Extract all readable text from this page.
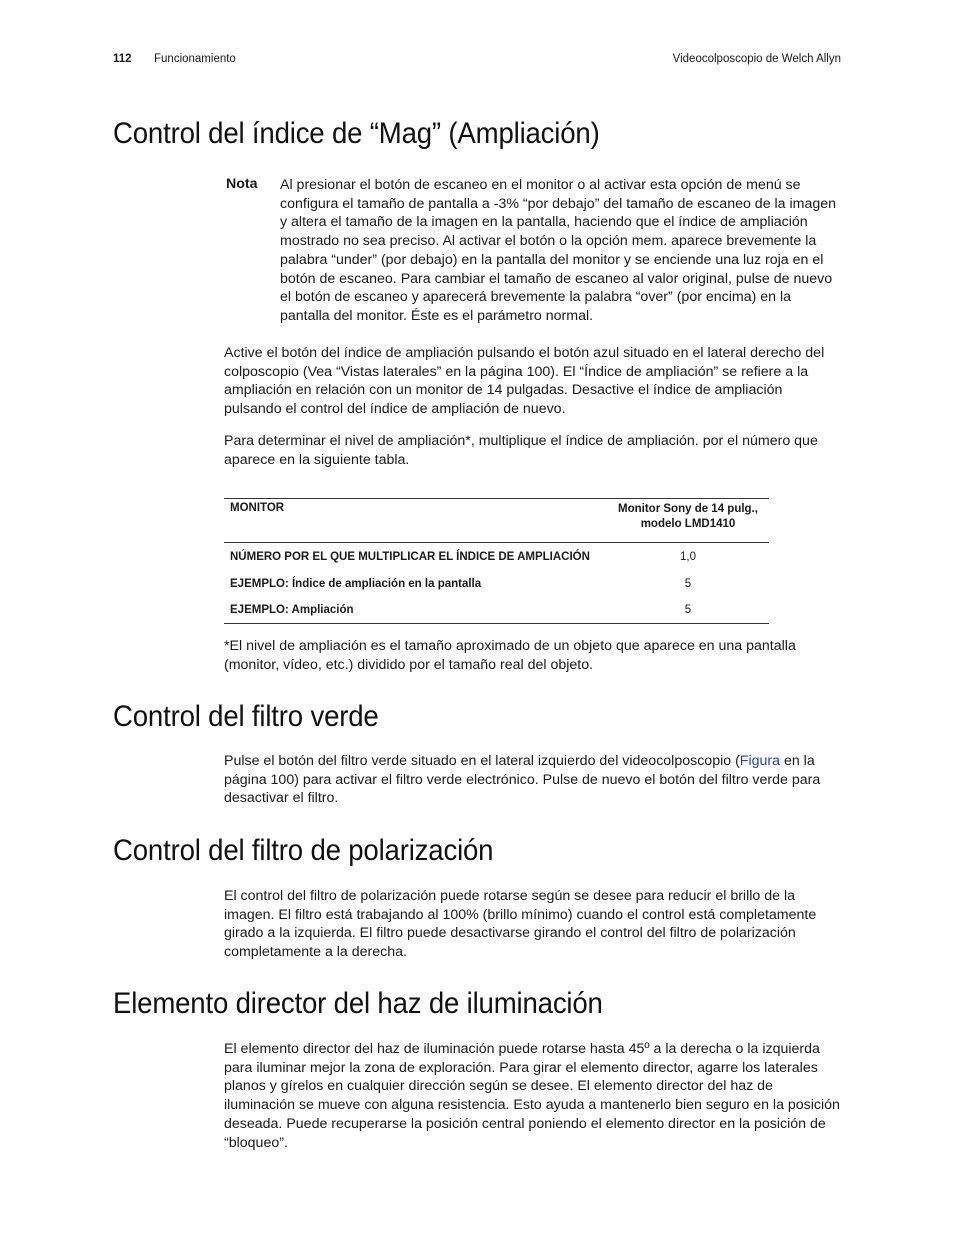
112 Funcionamiento	Videocolposcopio de Welch Allyn
Control del índice de “Mag” (Ampliación)
Nota Al presionar el botón de escaneo en el monitor o al activar esta opción de menú se configura el tamaño de pantalla a -3% “por debajo” del tamaño de escaneo de la imagen y altera el tamaño de la imagen en la pantalla, haciendo que el índice de ampliación mostrado no sea preciso. Al activar el botón o la opción mem. aparece brevemente la palabra “under” (por debajo) en la pantalla del monitor y se enciende una luz roja en el botón de escaneo. Para cambiar el tamaño de escaneo al valor original, pulse de nuevo el botón de escaneo y aparecerá brevemente la palabra “over” (por encima) en la pantalla del monitor. Éste es el parámetro normal.

Active el botón del índice de ampliación pulsando el botón azul situado en el lateral derecho del colposcopio (Vea “Vistas laterales” en la página 100). El “Índice de ampliación” se refiere a la ampliación en relación con un monitor de 14 pulgadas. Desactive el índice de ampliación pulsando el control del índice de ampliación de nuevo.

Para determinar el nivel de ampliación*, multiplique el índice de ampliación. por el número que aparece en la siguiente tabla.

MONITOR	Monitor Sony de 14 pulg., modelo LMD1410
NÚMERO POR EL QUE MULTIPLICAR EL ÍNDICE DE AMPLIACIÓN	1,0
EJEMPLO: Índice de ampliación en la pantalla	5
EJEMPLO: Ampliación	5

*El nivel de ampliación es el tamaño aproximado de un objeto que aparece en una pantalla (monitor, vídeo, etc.) dividido por el tamaño real del objeto.

Control del filtro verde

Pulse el botón del filtro verde situado en el lateral izquierdo del videocolposcopio (Figura en la página 100) para activar el filtro verde electrónico. Pulse de nuevo el botón del filtro verde para desactivar el filtro.

Control del filtro de polarización

El control del filtro de polarización puede rotarse según se desee para reducir el brillo de la imagen. El filtro está trabajando al 100% (brillo mínimo) cuando el control está completamente girado a la izquierda. El filtro puede desactivarse girando el control del filtro de polarización completamente a la derecha.

Elemento director del haz de iluminación

El elemento director del haz de iluminación puede rotarse hasta 45º a la derecha o la izquierda para iluminar mejor la zona de exploración. Para girar el elemento director, agarre los laterales planos y gírelos en cualquier dirección según se desee. El elemento director del haz de iluminación se mueve con alguna resistencia. Esto ayuda a mantenerlo bien seguro en la posición deseada. Puede recuperarse la posición central poniendo el elemento director en la posición de “bloqueo”.
